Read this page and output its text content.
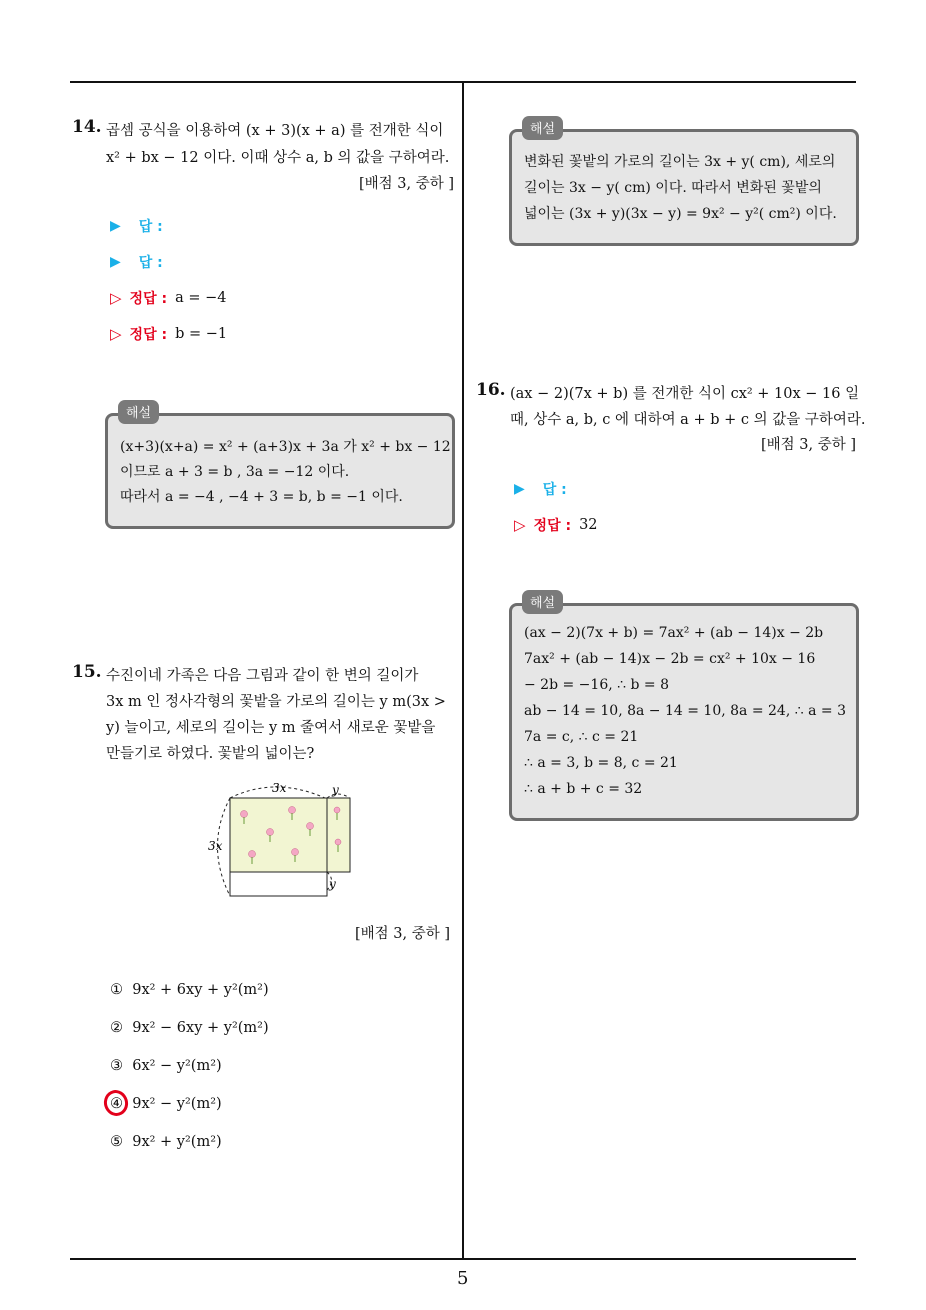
14. 곱셈 공식을 이용하여 (x + 3)(x + a) 를 전개한 식이
x² + bx − 12 이다. 이때 상수 a, b 의 값을 구하여라.
[배점 3, 중하 ]
▶ 답 :
▶ 답 :
▷ 정답 : a = −4
▷ 정답 : b = −1
해설
(x+3)(x+a) = x² + (a+3)x + 3a 가 x² + bx − 12
이므로 a + 3 = b , 3a = −12 이다.
따라서 a = −4 , −4 + 3 = b, b = −1 이다.
15. 수진이네 가족은 다음 그림과 같이 한 변의 길이가
3x m 인 정사각형의 꽃밭을 가로의 길이는 y m(3x >
y) 늘이고, 세로의 길이는 y m 줄여서 새로운 꽃밭을
만들기로 하였다. 꽃밭의 넓이는?
3x
3x
y
y
[배점 3, 중하 ]
① 9x² + 6xy + y²(m²)
② 9x² − 6xy + y²(m²)
③ 6x² − y²(m²)
④ 9x² − y²(m²)
⑤ 9x² + y²(m²)
해설
변화된 꽃밭의 가로의 길이는 3x + y( cm), 세로의
길이는 3x − y( cm) 이다. 따라서 변화된 꽃밭의
넓이는 (3x + y)(3x − y) = 9x² − y²( cm²) 이다.
16. (ax − 2)(7x + b) 를 전개한 식이 cx² + 10x − 16 일
때, 상수 a, b, c 에 대하여 a + b + c 의 값을 구하여라.
[배점 3, 중하 ]
▶ 답 :
▷ 정답 : 32
해설
(ax − 2)(7x + b) = 7ax² + (ab − 14)x − 2b
7ax² + (ab − 14)x − 2b = cx² + 10x − 16
− 2b = −16, ∴ b = 8
ab − 14 = 10, 8a − 14 = 10, 8a = 24, ∴ a = 3
7a = c, ∴ c = 21
∴ a = 3, b = 8, c = 21
∴ a + b + c = 32
5
